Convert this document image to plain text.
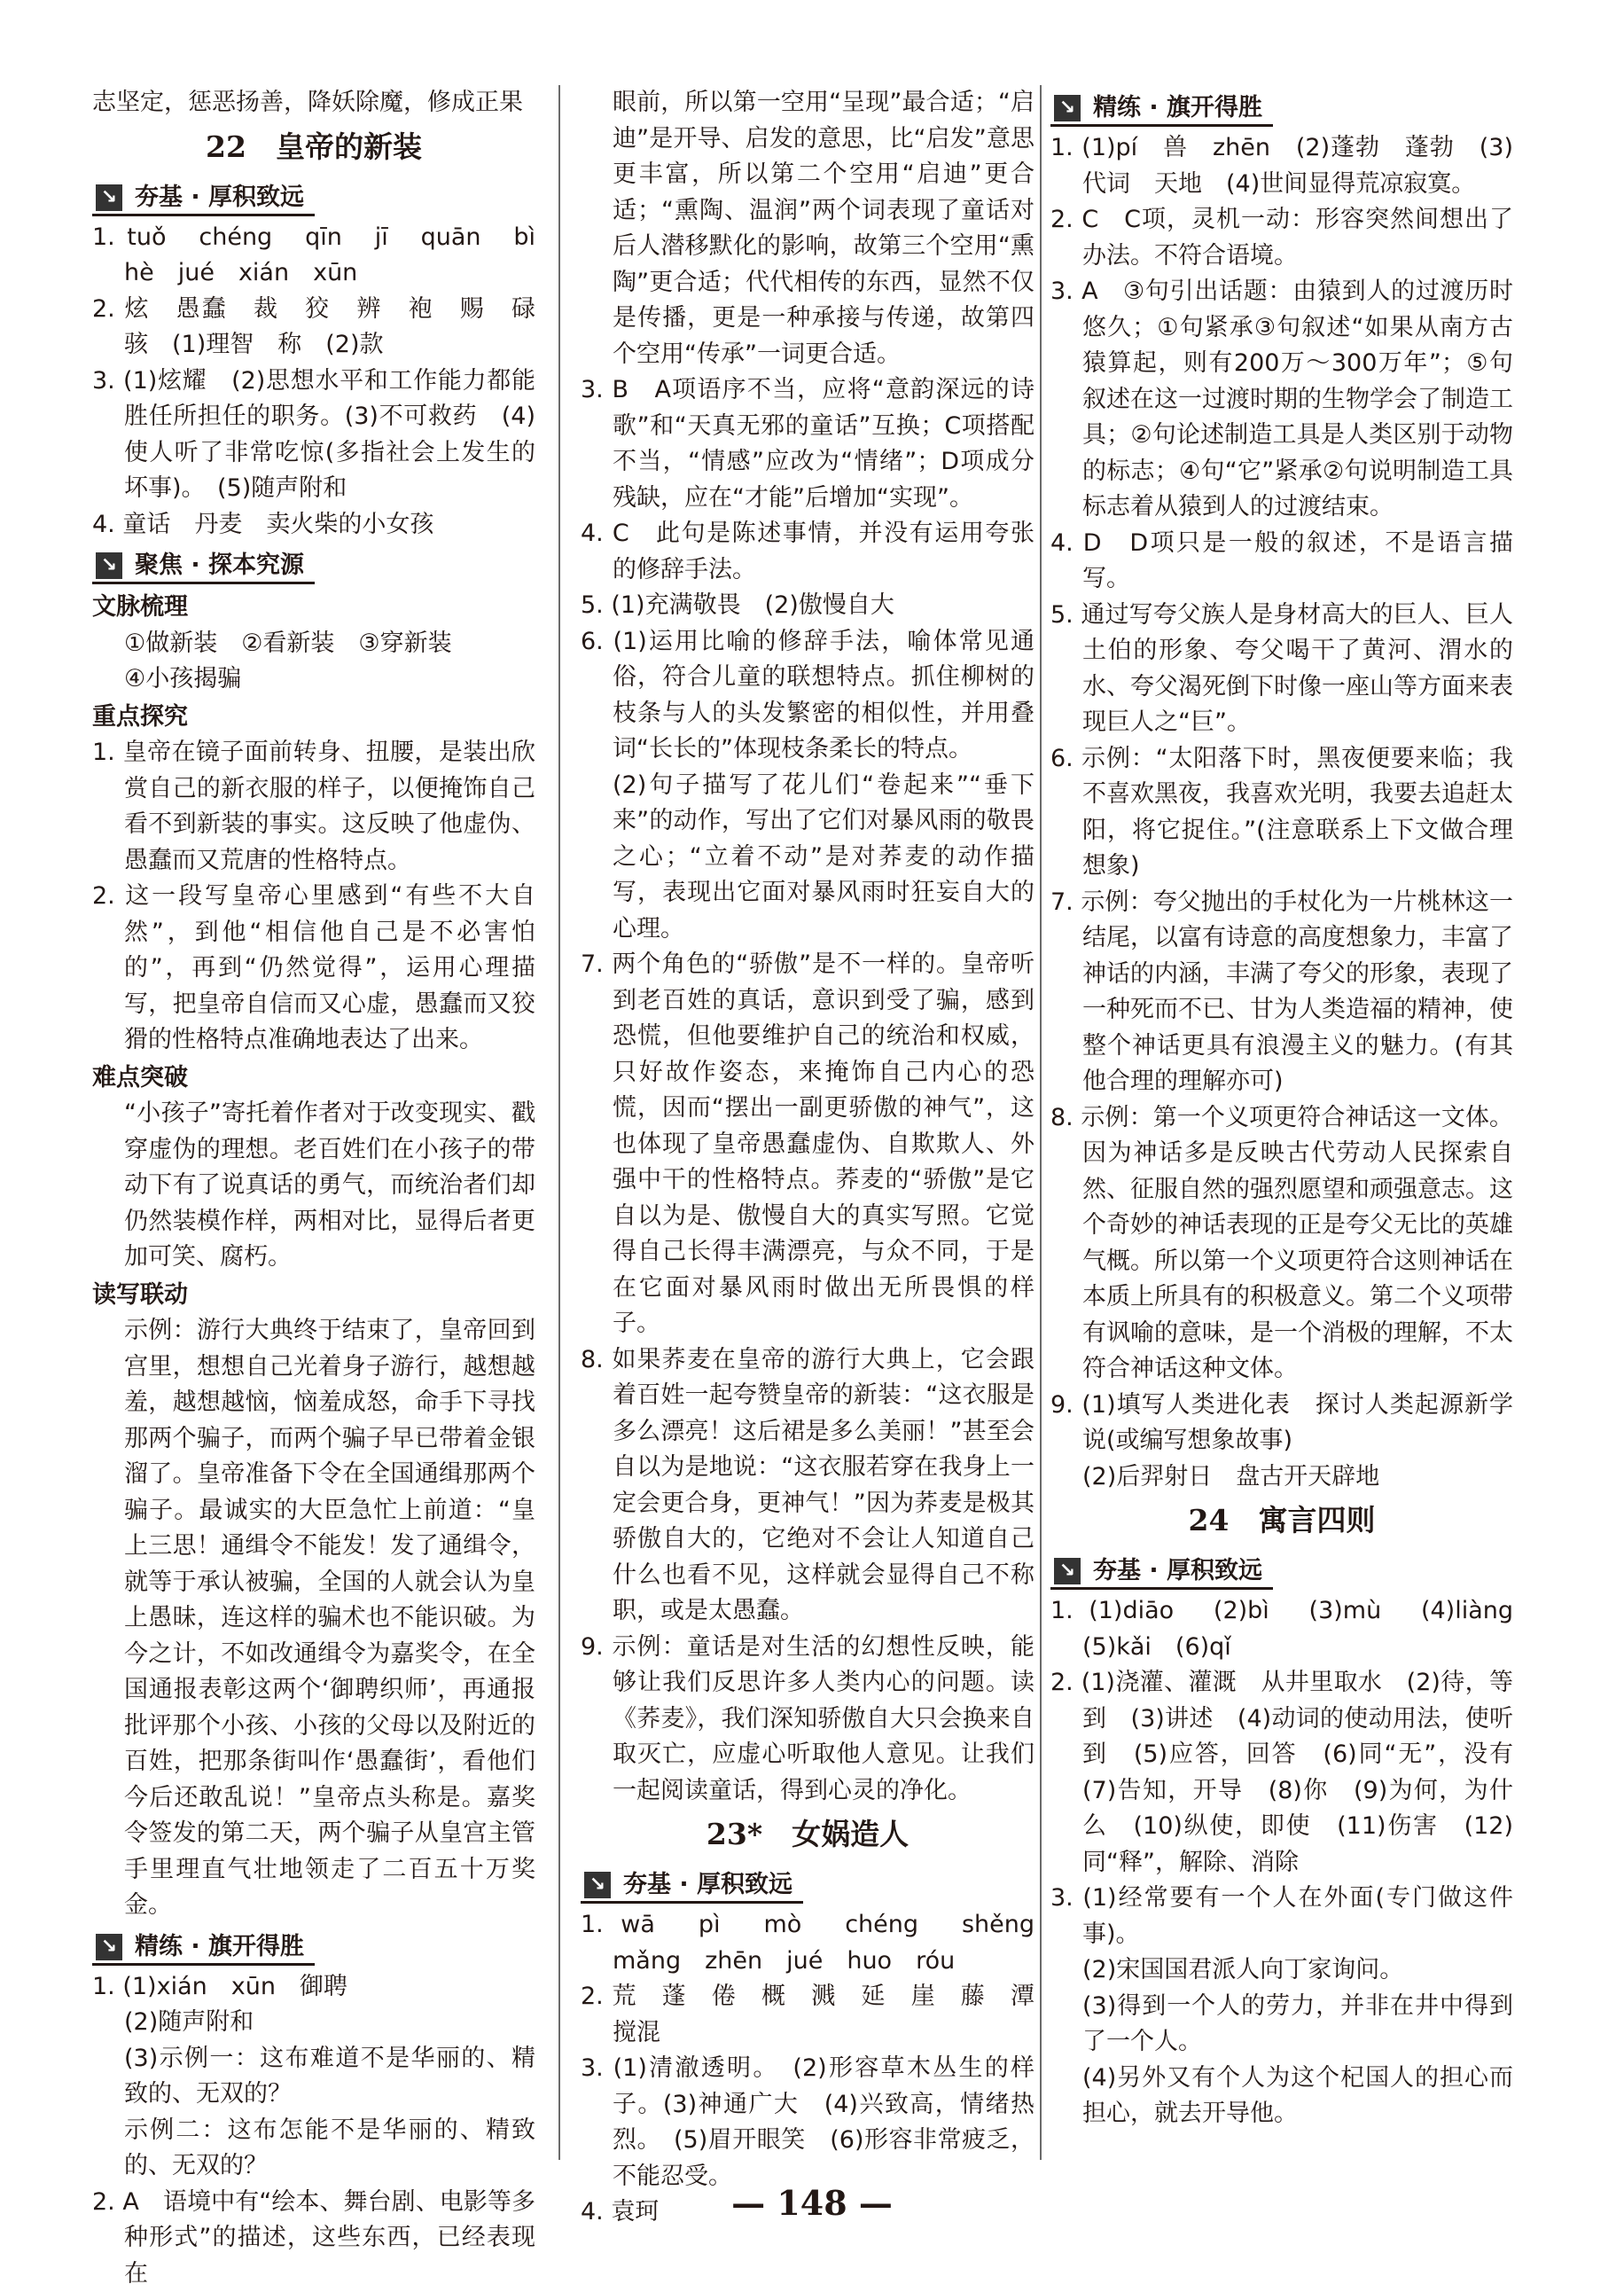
志坚定，惩恶扬善，降妖除魔，修成正果
22　皇帝的新装
↘ 夯基 · 厚积致远
1. tuǒ　chéng　qīn　jī　quān　bì　hè　jué　xián　xūn
2. 炫　愚蠢　裁　狡　辨　袍　赐　碌　骇　(1)理智　称　(2)款
3. (1)炫耀　(2)思想水平和工作能力都能胜任所担任的职务。(3)不可救药　(4)使人听了非常吃惊(多指社会上发生的坏事)。　(5)随声附和
4. 童话　丹麦　卖火柴的小女孩
↘ 聚焦 · 探本究源
文脉梳理
①做新装　②看新装　③穿新装
④小孩揭骗
重点探究
1. 皇帝在镜子面前转身、扭腰，是装出欣赏自己的新衣服的样子，以便掩饰自己看不到新装的事实。这反映了他虚伪、愚蠢而又荒唐的性格特点。
2. 这一段写皇帝心里感到“有些不大自然”，到他“相信他自己是不必害怕的”，再到“仍然觉得”，运用心理描写，把皇帝自信而又心虚，愚蠢而又狡猾的性格特点准确地表达了出来。
难点突破
“小孩子”寄托着作者对于改变现实、戳穿虚伪的理想。老百姓们在小孩子的带动下有了说真话的勇气，而统治者们却仍然装模作样，两相对比，显得后者更加可笑、腐朽。
读写联动
示例：游行大典终于结束了，皇帝回到宫里，想想自己光着身子游行，越想越羞，越想越恼，恼羞成怒，命手下寻找那两个骗子，而两个骗子早已带着金银溜了。皇帝准备下令在全国通缉那两个骗子。最诚实的大臣急忙上前道：“皇上三思！通缉令不能发！发了通缉令，就等于承认被骗，全国的人就会认为皇上愚昧，连这样的骗术也不能识破。为今之计，不如改通缉令为嘉奖令，在全国通报表彰这两个‘御聘织师’，再通报批评那个小孩、小孩的父母以及附近的百姓，把那条街叫作‘愚蠢街’，看他们今后还敢乱说！”皇帝点头称是。嘉奖令签发的第二天，两个骗子从皇宫主管手里理直气壮地领走了二百五十万奖金。
↘ 精练 · 旗开得胜
1. (1)xián　xūn　御聘
(2)随声附和
(3)示例一：这布难道不是华丽的、精致的、无双的？
示例二：这布怎能不是华丽的、精致的、无双的？
2. A　语境中有“绘本、舞台剧、电影等多种形式”的描述，这些东西，已经表现在
眼前，所以第一空用“呈现”最合适；“启迪”是开导、启发的意思，比“启发”意思更丰富，所以第二个空用“启迪”更合适；“熏陶、温润”两个词表现了童话对后人潜移默化的影响，故第三个空用“熏陶”更合适；代代相传的东西，显然不仅是传播，更是一种承接与传递，故第四个空用“传承”一词更合适。
3. B　A项语序不当，应将“意韵深远的诗歌”和“天真无邪的童话”互换；C项搭配不当，“情感”应改为“情绪”；D项成分残缺，应在“才能”后增加“实现”。
4. C　此句是陈述事情，并没有运用夸张的修辞手法。
5. (1)充满敬畏　(2)傲慢自大
6. (1)运用比喻的修辞手法，喻体常见通俗，符合儿童的联想特点。抓住柳树的枝条与人的头发繁密的相似性，并用叠词“长长的”体现枝条柔长的特点。
(2)句子描写了花儿们“卷起来”“垂下来”的动作，写出了它们对暴风雨的敬畏之心；“立着不动”是对荞麦的动作描写，表现出它面对暴风雨时狂妄自大的心理。
7. 两个角色的“骄傲”是不一样的。皇帝听到老百姓的真话，意识到受了骗，感到恐慌，但他要维护自己的统治和权威，只好故作姿态，来掩饰自己内心的恐慌，因而“摆出一副更骄傲的神气”，这也体现了皇帝愚蠢虚伪、自欺欺人、外强中干的性格特点。荞麦的“骄傲”是它自以为是、傲慢自大的真实写照。它觉得自己长得丰满漂亮，与众不同，于是在它面对暴风雨时做出无所畏惧的样子。
8. 如果荞麦在皇帝的游行大典上，它会跟着百姓一起夸赞皇帝的新装：“这衣服是多么漂亮！这后裙是多么美丽！”甚至会自以为是地说：“这衣服若穿在我身上一定会更合身，更神气！”因为荞麦是极其骄傲自大的，它绝对不会让人知道自己什么也看不见，这样就会显得自己不称职，或是太愚蠢。
9. 示例：童话是对生活的幻想性反映，能够让我们反思许多人类内心的问题。读《荞麦》，我们深知骄傲自大只会换来自取灭亡，应虚心听取他人意见。让我们一起阅读童话，得到心灵的净化。
23*　女娲造人
↘ 夯基 · 厚积致远
1. wā　pì　mò　chéng　shěng　mǎng　zhēn　jué　huo　róu
2. 荒　蓬　倦　概　溅　延　崖　藤　潭　搅混
3. (1)清澈透明。　(2)形容草木丛生的样子。(3)神通广大　(4)兴致高，情绪热烈。　(5)眉开眼笑　(6)形容非常疲乏，不能忍受。
4. 袁珂
↘ 精练 · 旗开得胜
1. (1)pí　兽　zhēn　(2)蓬勃　蓬勃　(3)代词　天地　(4)世间显得荒凉寂寞。
2. C　C项，灵机一动：形容突然间想出了办法。不符合语境。
3. A　③句引出话题：由猿到人的过渡历时悠久；①句紧承③句叙述“如果从南方古猿算起，则有200万～300万年”；⑤句叙述在这一过渡时期的生物学会了制造工具；②句论述制造工具是人类区别于动物的标志；④句“它”紧承②句说明制造工具标志着从猿到人的过渡结束。
4. D　D项只是一般的叙述，不是语言描写。
5. 通过写夸父族人是身材高大的巨人、巨人土伯的形象、夸父喝干了黄河、渭水的水、夸父渴死倒下时像一座山等方面来表现巨人之“巨”。
6. 示例：“太阳落下时，黑夜便要来临；我不喜欢黑夜，我喜欢光明，我要去追赶太阳，将它捉住。”(注意联系上下文做合理想象)
7. 示例：夸父抛出的手杖化为一片桃林这一结尾，以富有诗意的高度想象力，丰富了神话的内涵，丰满了夸父的形象，表现了一种死而不已、甘为人类造福的精神，使整个神话更具有浪漫主义的魅力。(有其他合理的理解亦可)
8. 示例：第一个义项更符合神话这一文体。因为神话多是反映古代劳动人民探索自然、征服自然的强烈愿望和顽强意志。这个奇妙的神话表现的正是夸父无比的英雄气概。所以第一个义项更符合这则神话在本质上所具有的积极意义。第二个义项带有讽喻的意味，是一个消极的理解，不太符合神话这种文体。
9. (1)填写人类进化表　探讨人类起源新学说(或编写想象故事)
(2)后羿射日　盘古开天辟地
24　寓言四则
↘ 夯基 · 厚积致远
1. (1)diāo　(2)bì　(3)mù　(4)liàng　(5)kǎi　(6)qǐ
2. (1)浇灌、灌溉　从井里取水　(2)待，等到　(3)讲述　(4)动词的使动用法，使听到　(5)应答，回答　(6)同“无”，没有　(7)告知，开导　(8)你　(9)为何，为什么　(10)纵使，即使　(11)伤害　(12)同“释”，解除、消除
3. (1)经常要有一个人在外面(专门做这件事)。
(2)宋国国君派人向丁家询问。
(3)得到一个人的劳力，并非在井中得到了一个人。
(4)另外又有个人为这个杞国人的担心而担心，就去开导他。
— 148 —
